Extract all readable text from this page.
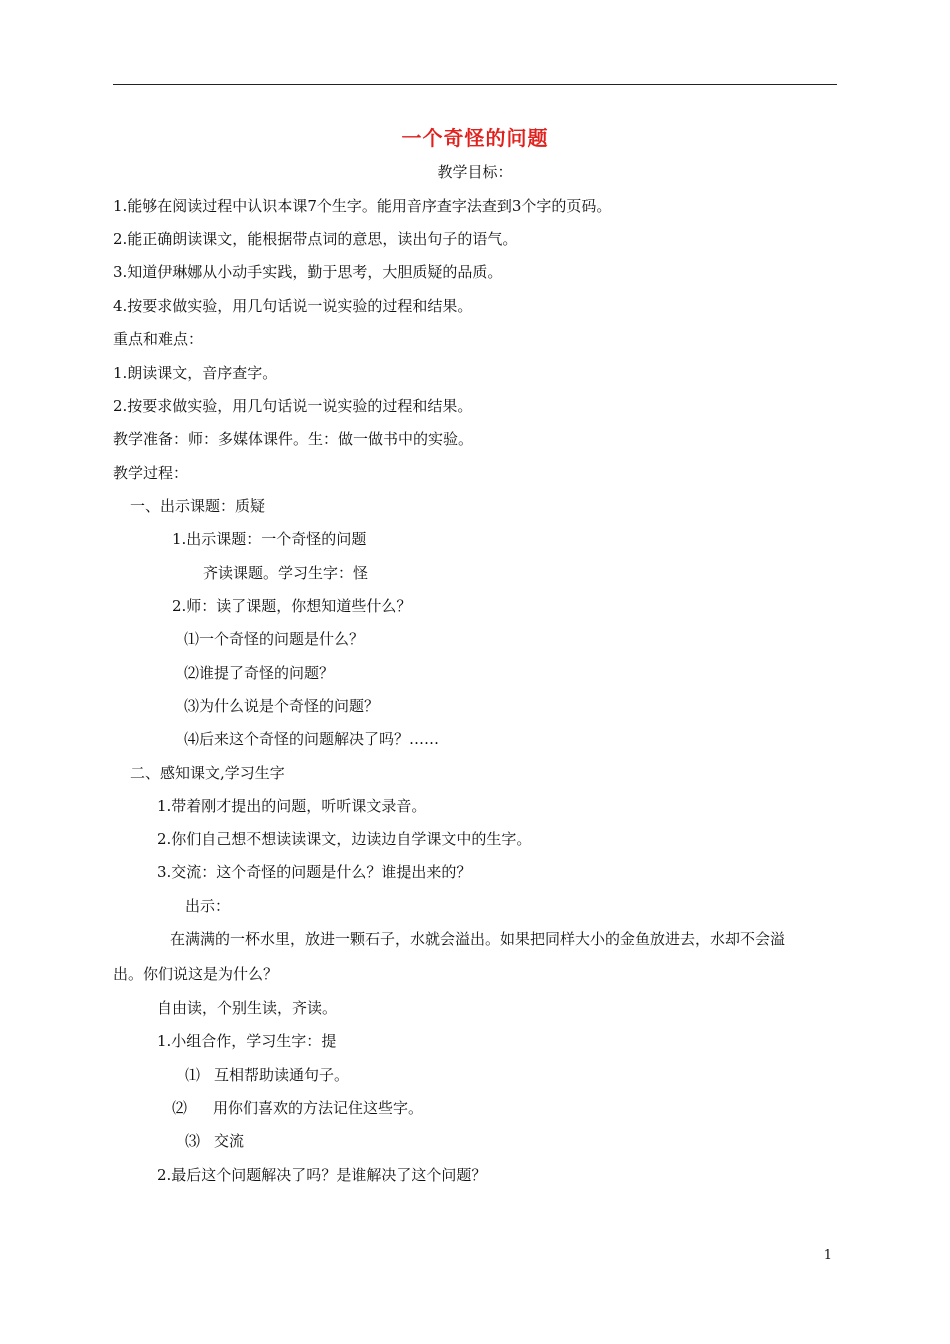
一个奇怪的问题
教学目标：
1.能够在阅读过程中认识本课7个生字。能用音序查字法查到3个字的页码。
2.能正确朗读课文，能根据带点词的意思，读出句子的语气。
3.知道伊琳娜从小动手实践，勤于思考，大胆质疑的品质。
4.按要求做实验，用几句话说一说实验的过程和结果。
重点和难点：
1.朗读课文，音序查字。
2.按要求做实验，用几句话说一说实验的过程和结果。
教学准备：师：多媒体课件。生：做一做书中的实验。
教学过程：
一、出示课题：质疑
1.出示课题：一个奇怪的问题
齐读课题。学习生字：怪
2.师：读了课题，你想知道些什么？
⑴一个奇怪的问题是什么？
⑵谁提了奇怪的问题？
⑶为什么说是个奇怪的问题？
⑷后来这个奇怪的问题解决了吗？……
二、感知课文,学习生字
1.带着刚才提出的问题，听听课文录音。
2.你们自己想不想读读课文，边读边自学课文中的生字。
3.交流：这个奇怪的问题是什么？谁提出来的？
出示：
在满满的一杯水里，放进一颗石子，水就会溢出。如果把同样大小的金鱼放进去，水却不会溢
出。你们说这是为什么？
自由读，个别生读，齐读。
1.小组合作，学习生字：提
⑴ 互相帮助读通句子。
⑵ 用你们喜欢的方法记住这些字。
⑶ 交流
2.最后这个问题解决了吗？是谁解决了这个问题？
1
